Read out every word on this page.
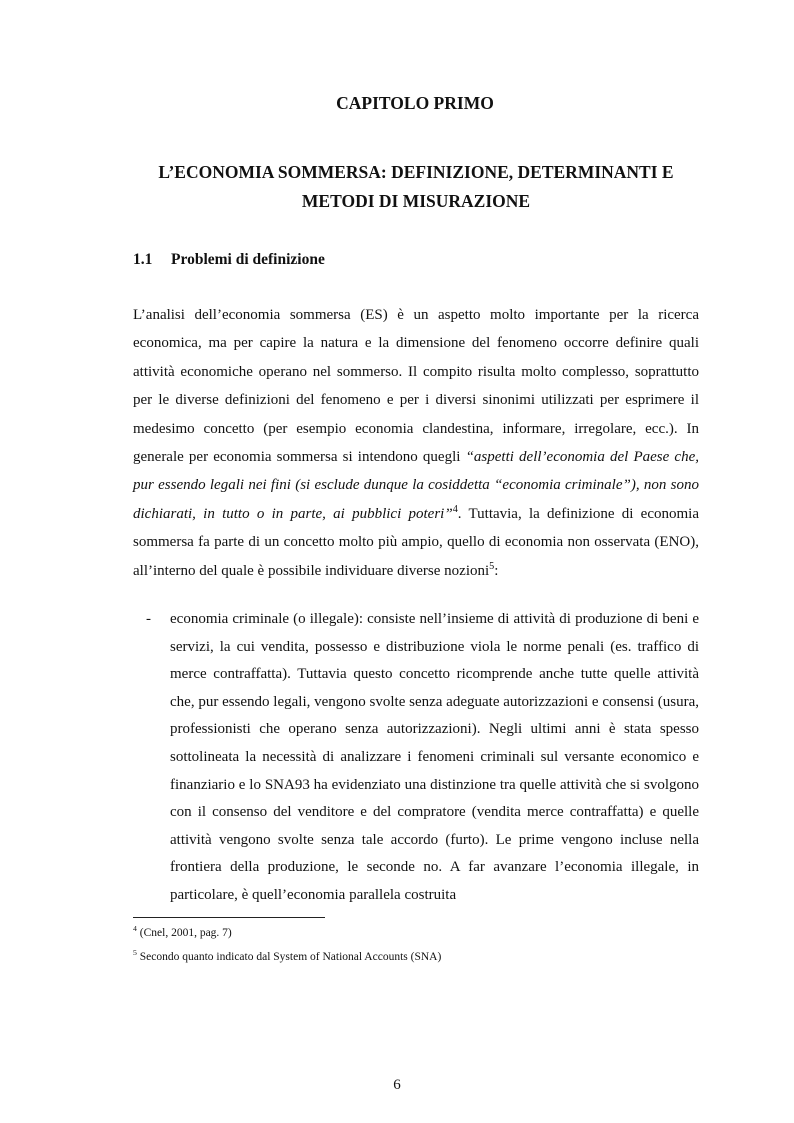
CAPITOLO PRIMO
L’ECONOMIA SOMMERSA: DEFINIZIONE, DETERMINANTI E METODI DI MISURAZIONE
1.1 Problemi di definizione

L’analisi dell’economia sommersa (ES) è un aspetto molto importante per la ricerca economica, ma per capire la natura e la dimensione del fenomeno occorre definire quali attività economiche operano nel sommerso. Il compito risulta molto complesso, soprattutto per le diverse definizioni del fenomeno e per i diversi sinonimi utilizzati per esprimere il medesimo concetto (per esempio economia clandestina, informare, irregolare, ecc.). In generale per economia sommersa si intendono quegli “aspetti dell’economia del Paese che, pur essendo legali nei fini (si esclude dunque la cosiddetta “economia criminale”), non sono dichiarati, in tutto o in parte, ai pubblici poteri”$^4$. Tuttavia, la definizione di economia sommersa fa parte di un concetto molto più ampio, quello di economia non osservata (ENO), all’interno del quale è possibile individuare diverse nozioni$^5$:

- economia criminale (o illegale): consiste nell’insieme di attività di produzione di beni e servizi, la cui vendita, possesso e distribuzione viola le norme penali (es. traffico di merce contraffatta). Tuttavia questo concetto ricomprende anche tutte quelle attività che, pur essendo legali, vengono svolte senza adeguate autorizzazioni e consensi (usura, professionisti che operano senza autorizzazioni). Negli ultimi anni è stata spesso sottolineata la necessità di analizzare i fenomeni criminali sul versante economico e finanziario e lo SNA93 ha evidenziato una distinzione tra quelle attività che si svolgono con il consenso del venditore e del compratore (vendita merce contraffatta) e quelle attività vengono svolte senza tale accordo (furto). Le prime vengono incluse nella frontiera della produzione, le seconde no. A far avanzare l’economia illegale, in particolare, è quell’economia parallela costruita

$^4$ (Cnel, 2001, pag. 7)

$^5$ Secondo quanto indicato dal System of National Accounts (SNA)

6
